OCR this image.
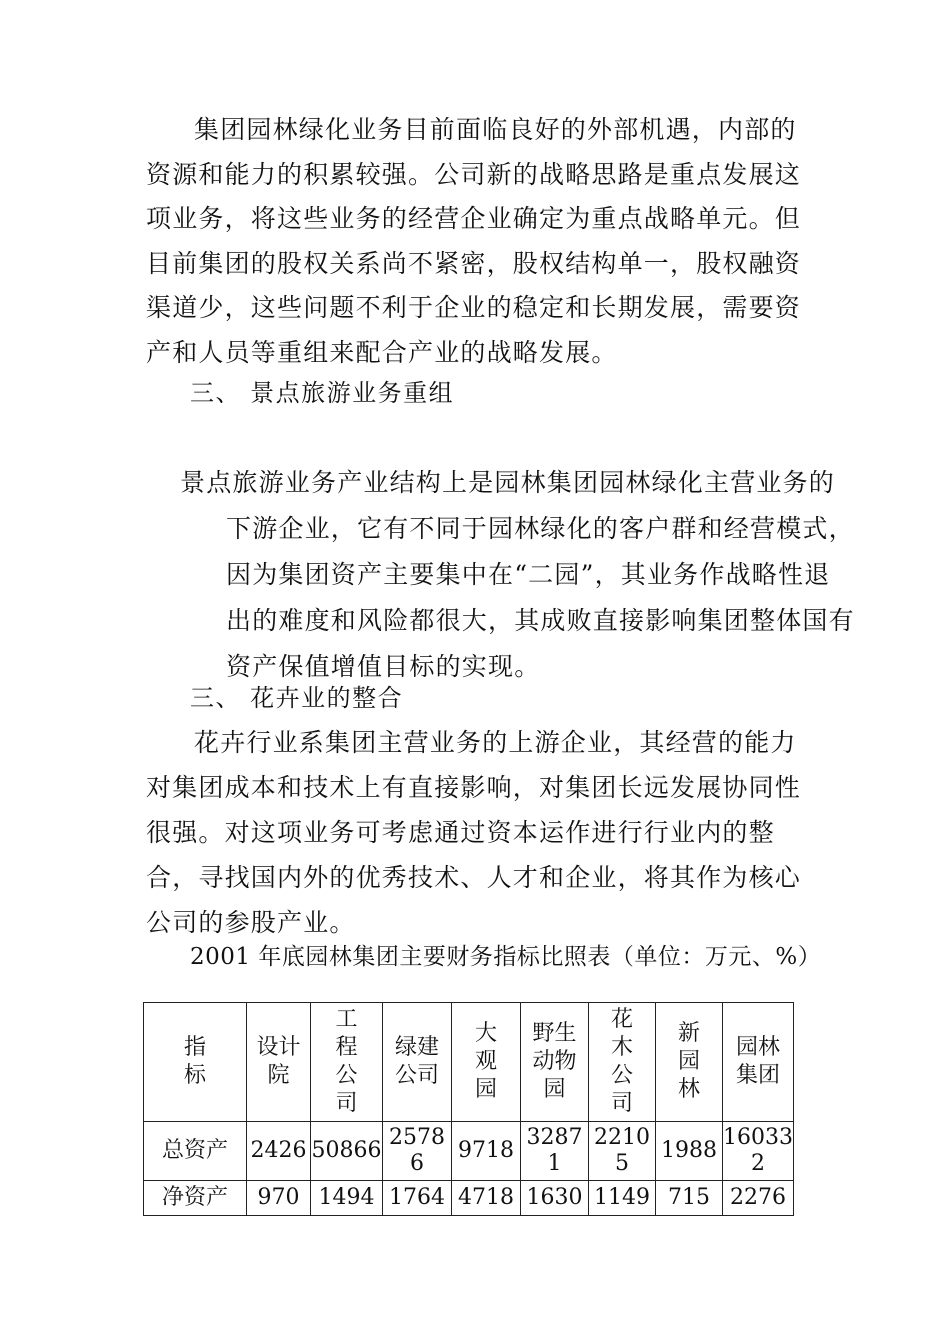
集团园林绿化业务目前面临良好的外部机遇，内部的资源和能力的积累较强。公司新的战略思路是重点发展这项业务，将这些业务的经营企业确定为重点战略单元。但目前集团的股权关系尚不紧密，股权结构单一，股权融资渠道少，这些问题不利于企业的稳定和长期发展，需要资产和人员等重组来配合产业的战略发展。
三、 景点旅游业务重组
景点旅游业务产业结构上是园林集团园林绿化主营业务的下游企业，它有不同于园林绿化的客户群和经营模式，因为集团资产主要集中在“二园”，其业务作战略性退出的难度和风险都很大，其成败直接影响集团整体国有资产保值增值目标的实现。
三、 花卉业的整合
花卉行业系集团主营业务的上游企业，其经营的能力对集团成本和技术上有直接影响，对集团长远发展协同性很强。对这项业务可考虑通过资本运作进行行业内的整合，寻找国内外的优秀技术、人才和企业，将其作为核心公司的参股产业。
2001 年底园林集团主要财务指标比照表（单位：万元、%）
指标	设计院	工程公司	绿建公司	大观园	野生动物园	花木公司	新园林	园林集团
总资产	2426	50866	25786	9718	32871	22105	1988	160332
净资产	970	1494	1764	4718	1630	1149	715	2276
